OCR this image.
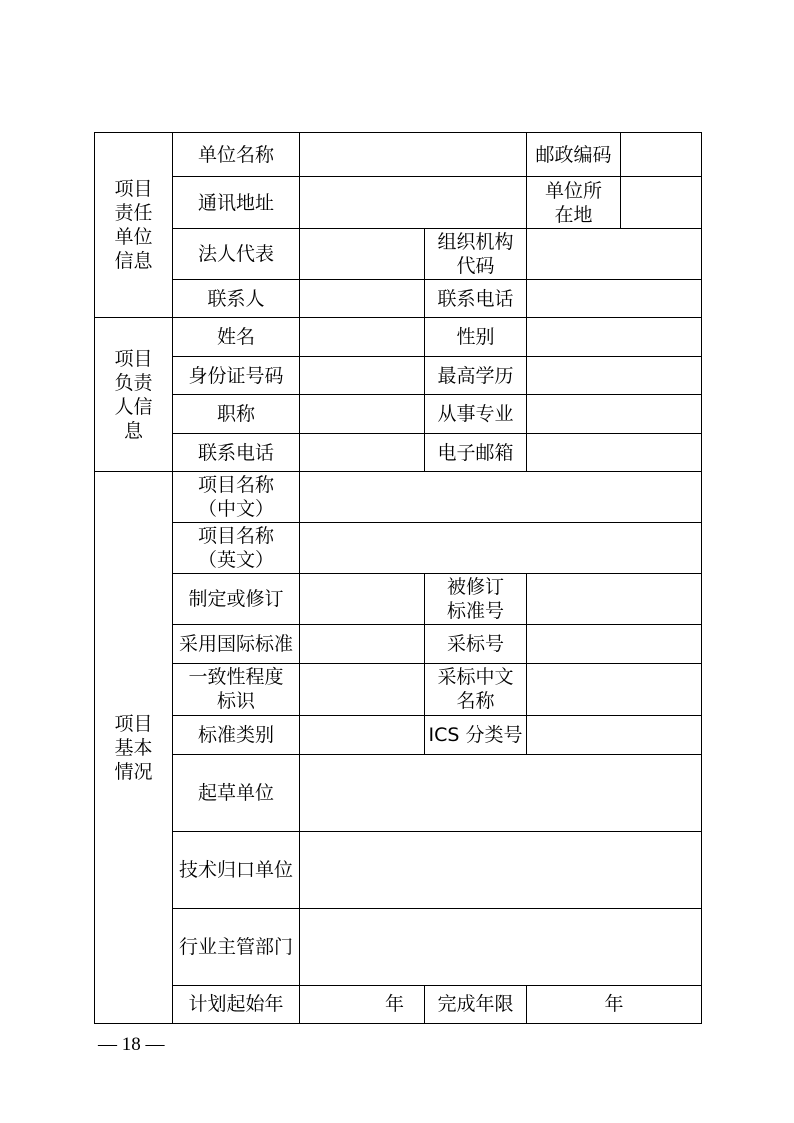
项目
责任
单位
信息	单位名称			邮政编码	
	通讯地址			单位所
在地	
	法人代表		组织机构
代码		
	联系人		联系电话		
项目
负责
人信
息	姓名		性别		
	身份证号码		最高学历		
	职称		从事专业		
	联系电话		电子邮箱		
项目
基本
情况	项目名称
（中文）				
	项目名称
（英文）				
	制定或修订		被修订
标准号		
	采用国际标准		采标号		
	一致性程度
标识		采标中文
名称		
	标准类别		ICS 分类号		
	起草单位				
	技术归口单位				
	行业主管部门				
	计划起始年	年	完成年限	年	
— 18 —
